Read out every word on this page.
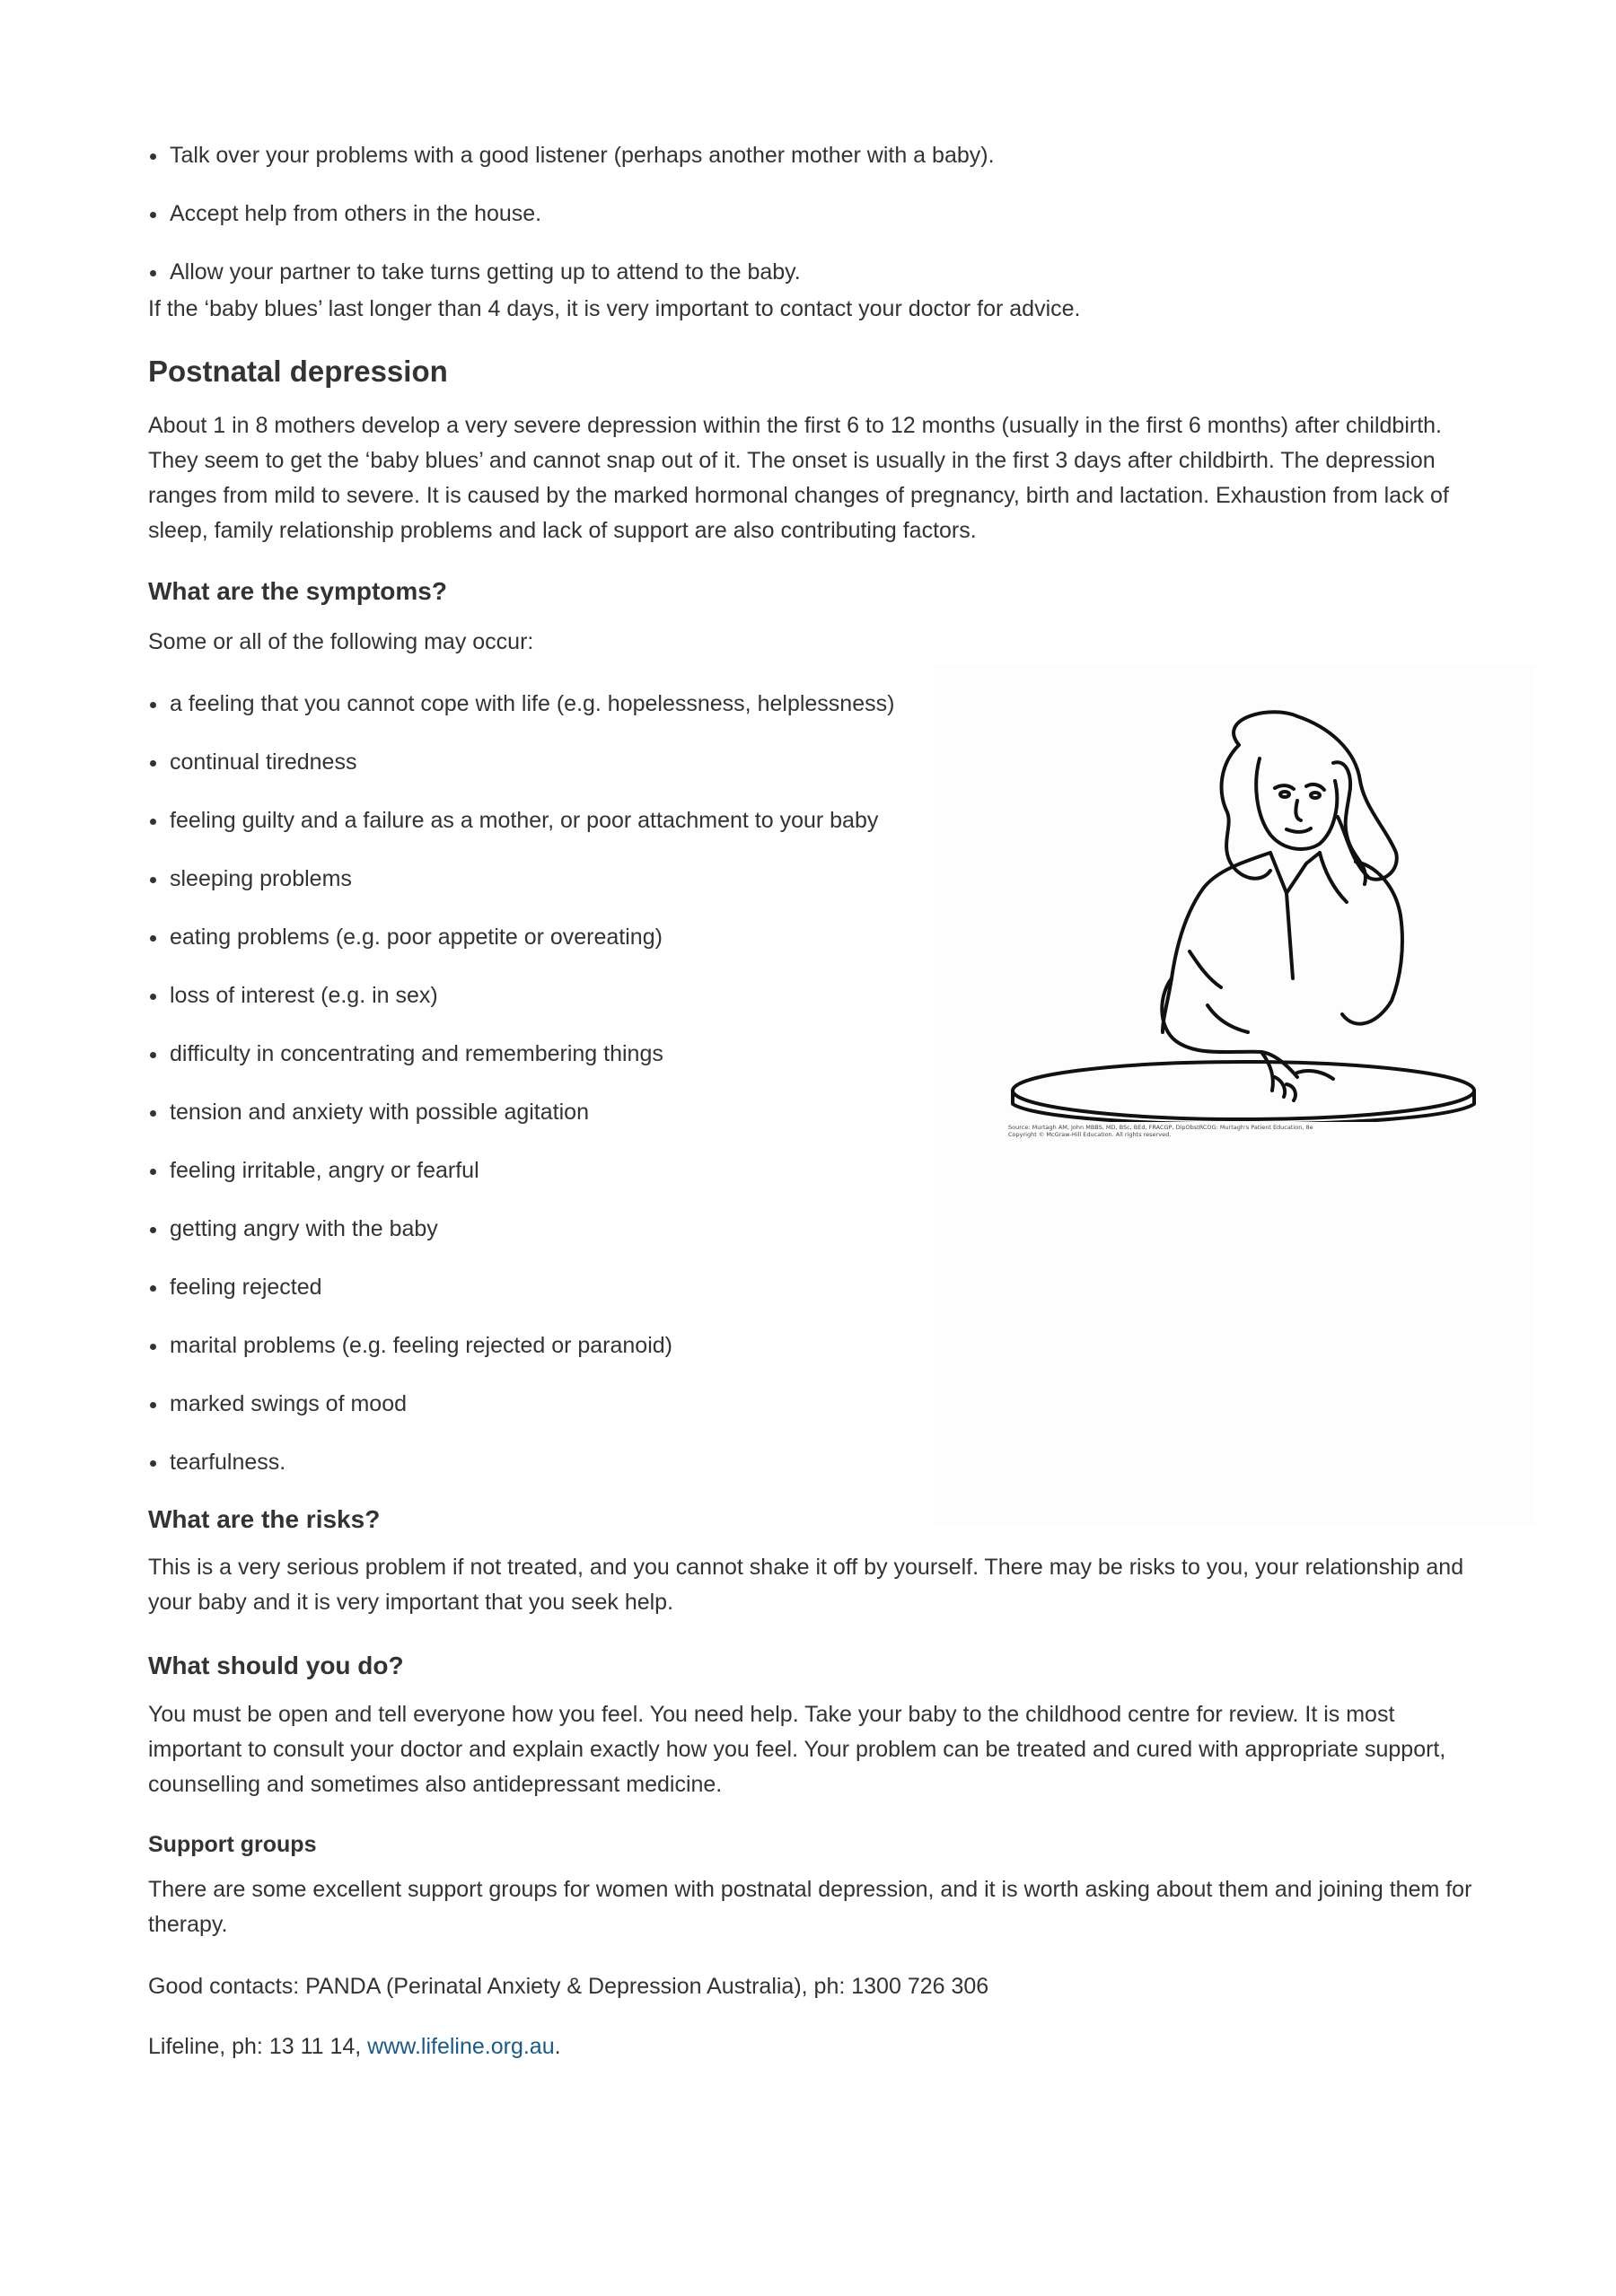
Talk over your problems with a good listener (perhaps another mother with a baby).
Accept help from others in the house.
Allow your partner to take turns getting up to attend to the baby.

If the ‘baby blues’ last longer than 4 days, it is very important to contact your doctor for advice.

Postnatal depression

About 1 in 8 mothers develop a very severe depression within the first 6 to 12 months (usually in the first 6 months) after childbirth. They seem to get the ‘baby blues’ and cannot snap out of it. The onset is usually in the first 3 days after childbirth. The depression ranges from mild to severe. It is caused by the marked hormonal changes of pregnancy, birth and lactation. Exhaustion from lack of sleep, family relationship problems and lack of support are also contributing factors.

What are the symptoms?

Some or all of the following may occur:

Source: Murtagh AM, John MBBS, MD, BSc, BEd, FRACGP, DipObstRCOG: Murtagh's Patient Education, 8e
Copyright © McGraw-Hill Education. All rights reserved.
a feeling that you cannot cope with life (e.g. hopelessness, helplessness)
continual tiredness
feeling guilty and a failure as a mother, or poor attachment to your baby
sleeping problems
eating problems (e.g. poor appetite or overeating)
loss of interest (e.g. in sex)
difficulty in concentrating and remembering things
tension and anxiety with possible agitation
feeling irritable, angry or fearful
getting angry with the baby
feeling rejected
marital problems (e.g. feeling rejected or paranoid)
marked swings of mood
tearfulness.
What are the risks?

This is a very serious problem if not treated, and you cannot shake it off by yourself. There may be risks to you, your relationship and your baby and it is very important that you seek help.

What should you do?

You must be open and tell everyone how you feel. You need help. Take your baby to the childhood centre for review. It is most important to consult your doctor and explain exactly how you feel. Your problem can be treated and cured with appropriate support, counselling and sometimes also antidepressant medicine.

Support groups

There are some excellent support groups for women with postnatal depression, and it is worth asking about them and joining them for therapy.

Good contacts: PANDA (Perinatal Anxiety & Depression Australia), ph: 1300 726 306

Lifeline, ph: 13 11 14, www.lifeline.org.au.
